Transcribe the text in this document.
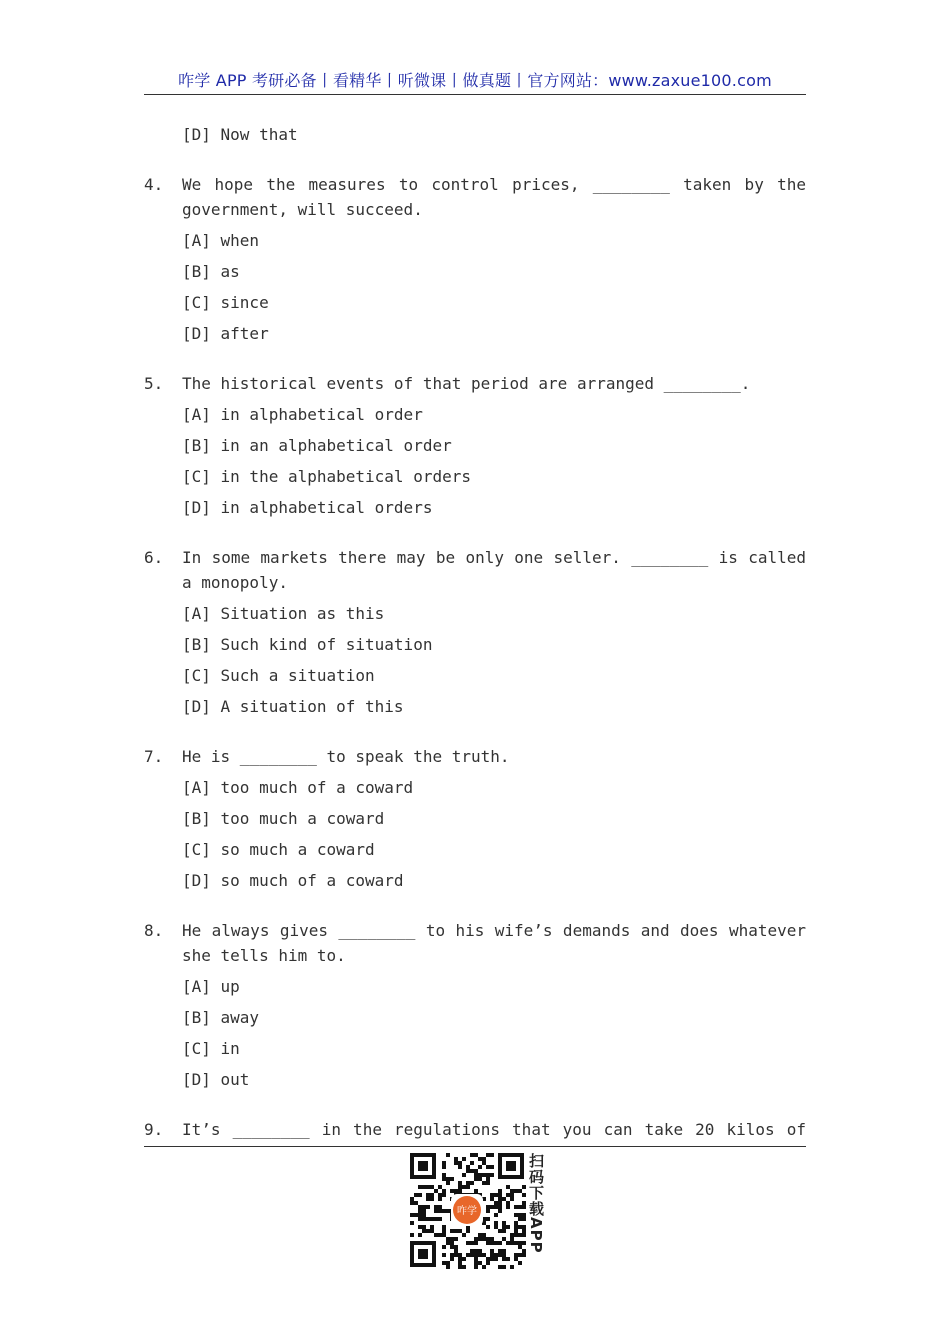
咋学 APP 考研必备丨看精华丨听微课丨做真题丨官方网站：www.zaxue100.com
[D] Now that
4.	We hope the measures to control prices, ________ taken by the government, will succeed.
[A] when
[B] as
[C] since
[D] after
5.	The historical events of that period are arranged ________.
[A] in alphabetical order
[B] in an alphabetical order
[C] in the alphabetical orders
[D] in alphabetical orders
6.	In some markets there may be only one seller. ________ is called a monopoly.
[A] Situation as this
[B] Such kind of situation
[C] Such a situation
[D] A situation of this
7.	He is ________ to speak the truth.
[A] too much of a coward
[B] too much a coward
[C] so much a coward
[D] so much of a coward
8.	He always gives ________ to his wife’s demands and does whatever she tells him to.
[A] up
[B] away
[C] in
[D] out
9.	It’s ________ in the regulations that you can take 20 kilos of
咋学	扫码下载APP
